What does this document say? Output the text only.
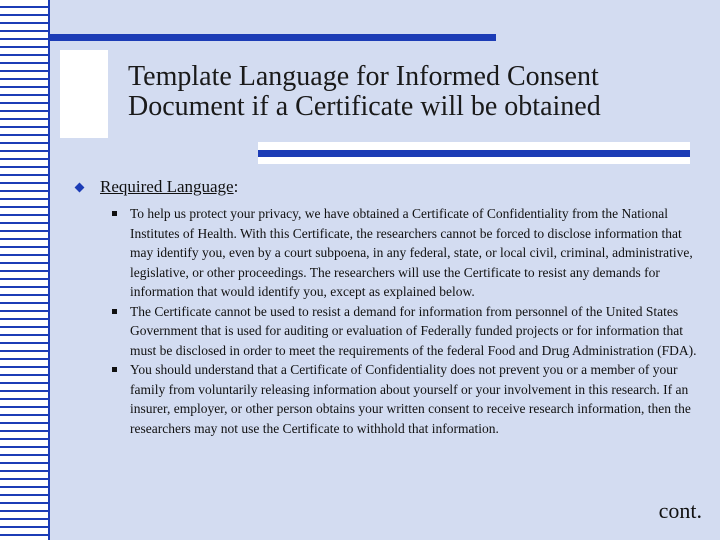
Template Language for Informed Consent
Document if a Certificate will be obtained
Required Language:
To help us protect your privacy, we have obtained a Certificate of Confidentiality from the National Institutes of Health. With this Certificate, the researchers cannot be forced to disclose information that may identify you, even by a court subpoena, in any federal, state, or local civil, criminal, administrative, legislative, or other proceedings. The researchers will use the Certificate to resist any demands for information that would identify you, except as explained below.
The Certificate cannot be used to resist a demand for information from personnel of the United States Government that is used for auditing or evaluation of Federally funded projects or for information that must be disclosed in order to meet the requirements of the federal Food and Drug Administration (FDA).
You should understand that a Certificate of Confidentiality does not prevent you or a member of your family from voluntarily releasing information about yourself or your involvement in this research. If an insurer, employer, or other person obtains your written consent to receive research information, then the researchers may not use the Certificate to withhold that information.
cont.
